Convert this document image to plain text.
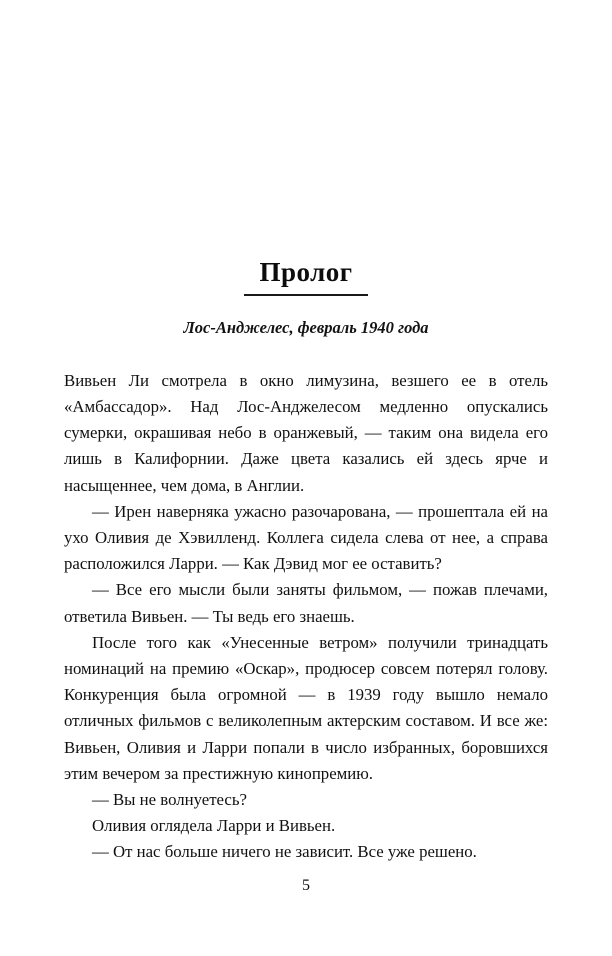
Пролог
Лос-Анджелес, февраль 1940 года

Вивьен Ли смотрела в окно лимузина, везшего ее в отель «Амбассадор». Над Лос-Анджелесом медленно опускались сумерки, окрашивая небо в оранжевый, — таким она видела его лишь в Калифорнии. Даже цвета казались ей здесь ярче и насыщеннее, чем дома, в Англии.

— Ирен наверняка ужасно разочарована, — прошептала ей на ухо Оливия де Хэвилленд. Коллега сидела слева от нее, а справа расположился Ларри. — Как Дэвид мог ее оставить?

— Все его мысли были заняты фильмом, — пожав плечами, ответила Вивьен. — Ты ведь его знаешь.

После того как «Унесенные ветром» получили тринадцать номинаций на премию «Оскар», продюсер совсем потерял голову. Конкуренция была огромной — в 1939 году вышло немало отличных фильмов с великолепным актерским составом. И все же: Вивьен, Оливия и Ларри попали в число избранных, боровшихся этим вечером за престижную кинопремию.

— Вы не волнуетесь?

Оливия оглядела Ларри и Вивьен.

— От нас больше ничего не зависит. Все уже решено.

5
